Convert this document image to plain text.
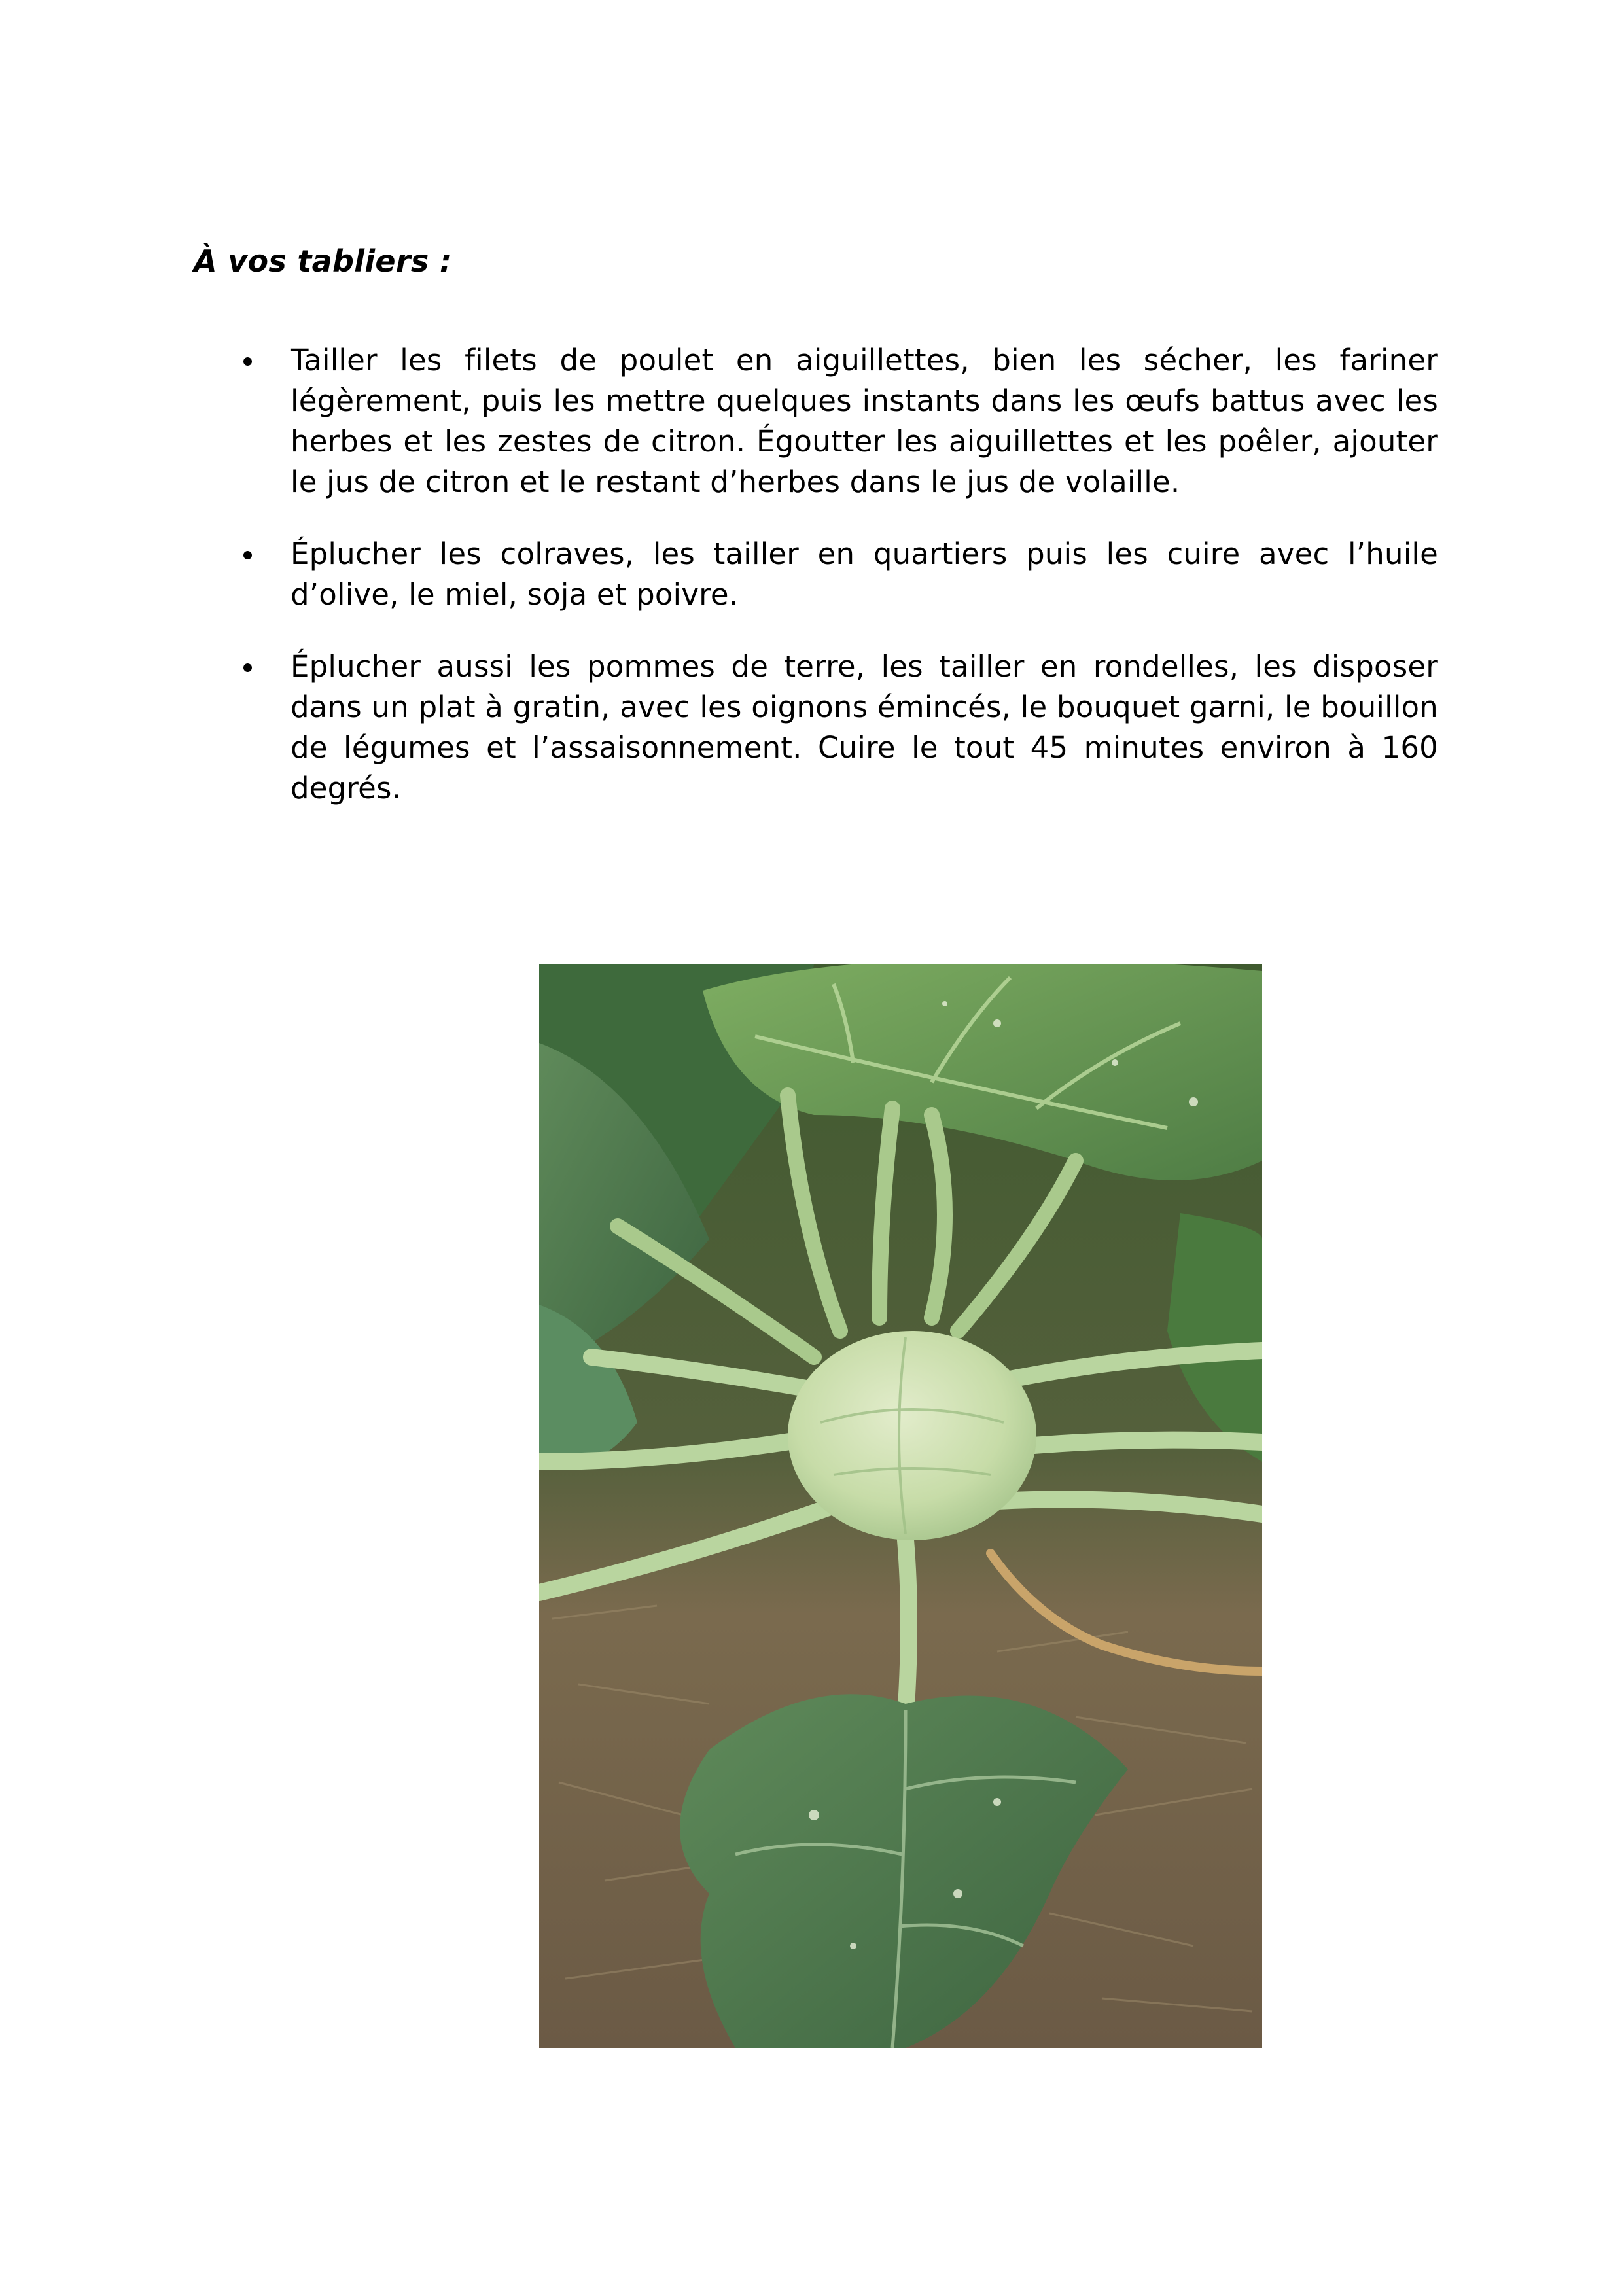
À vos tabliers :

Tailler les filets de poulet en aiguillettes, bien les sécher, les fariner légèrement, puis les mettre quelques instants dans les œufs battus avec les herbes et les zestes de citron. Égoutter les aiguillettes et les poêler, ajouter le jus de citron et le restant d’herbes dans le jus de volaille.

Éplucher les colraves, les tailler en quartiers puis les cuire avec l’huile d’olive, le miel, soja et poivre.

Éplucher aussi les pommes de terre, les tailler en rondelles, les disposer dans un plat à gratin, avec les oignons émincés, le bouquet garni, le bouillon de légumes et l’assaisonnement. Cuire le tout 45 minutes environ à 160 degrés.
